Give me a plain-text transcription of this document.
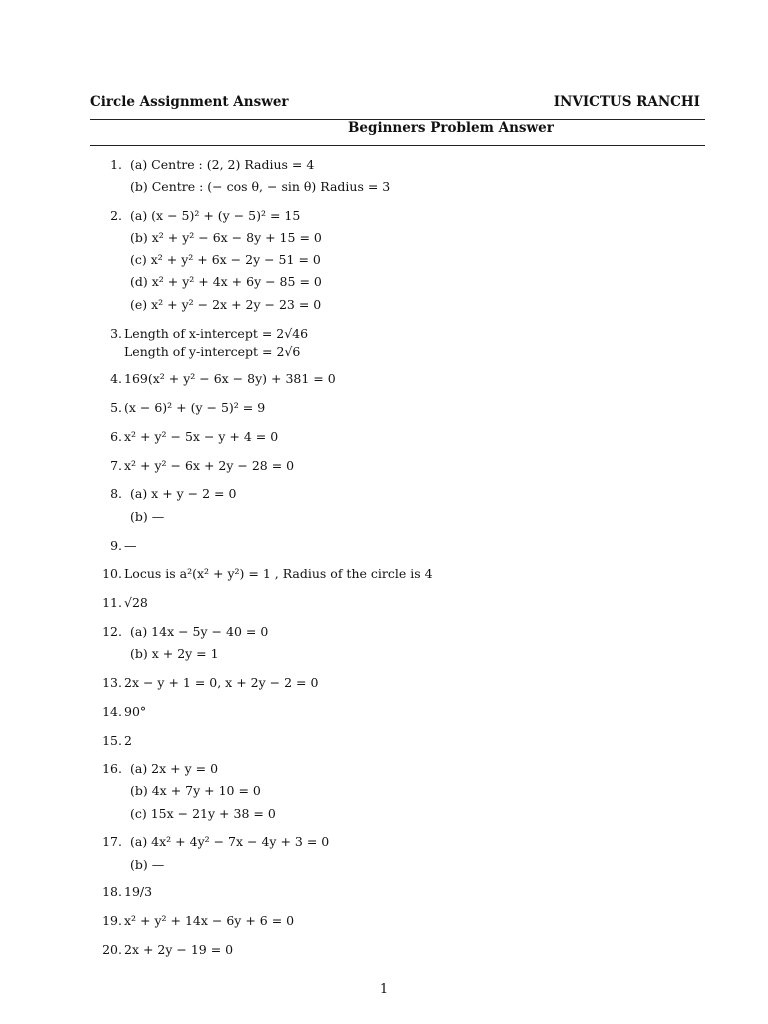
Circle Assignment Answer	INVICTUS RANCHI
Beginners Problem Answer
1. (a) Centre : (2, 2) Radius = 4
(b) Centre : (− cos θ, − sin θ) Radius = 3
2. (a) (x − 5)² + (y − 5)² = 15
(b) x² + y² − 6x − 8y + 15 = 0
(c) x² + y² + 6x − 2y − 51 = 0
(d) x² + y² + 4x + 6y − 85 = 0
(e) x² + y² − 2x + 2y − 23 = 0
3. Length of x-intercept = 2√46
Length of y-intercept = 2√6
4. 169(x² + y² − 6x − 8y) + 381 = 0
5. (x − 6)² + (y − 5)² = 9
6. x² + y² − 5x − y + 4 = 0
7. x² + y² − 6x + 2y − 28 = 0
8. (a) x + y − 2 = 0
(b) —
9. —
10. Locus is a²(x² + y²) = 1 , Radius of the circle is 4
11. √28
12. (a) 14x − 5y − 40 = 0
(b) x + 2y = 1
13. 2x − y + 1 = 0, x + 2y − 2 = 0
14. 90°
15. 2
16. (a) 2x + y = 0
(b) 4x + 7y + 10 = 0
(c) 15x − 21y + 38 = 0
17. (a) 4x² + 4y² − 7x − 4y + 3 = 0
(b) —
18. 19/3
19. x² + y² + 14x − 6y + 6 = 0
20. 2x + 2y − 19 = 0
1
